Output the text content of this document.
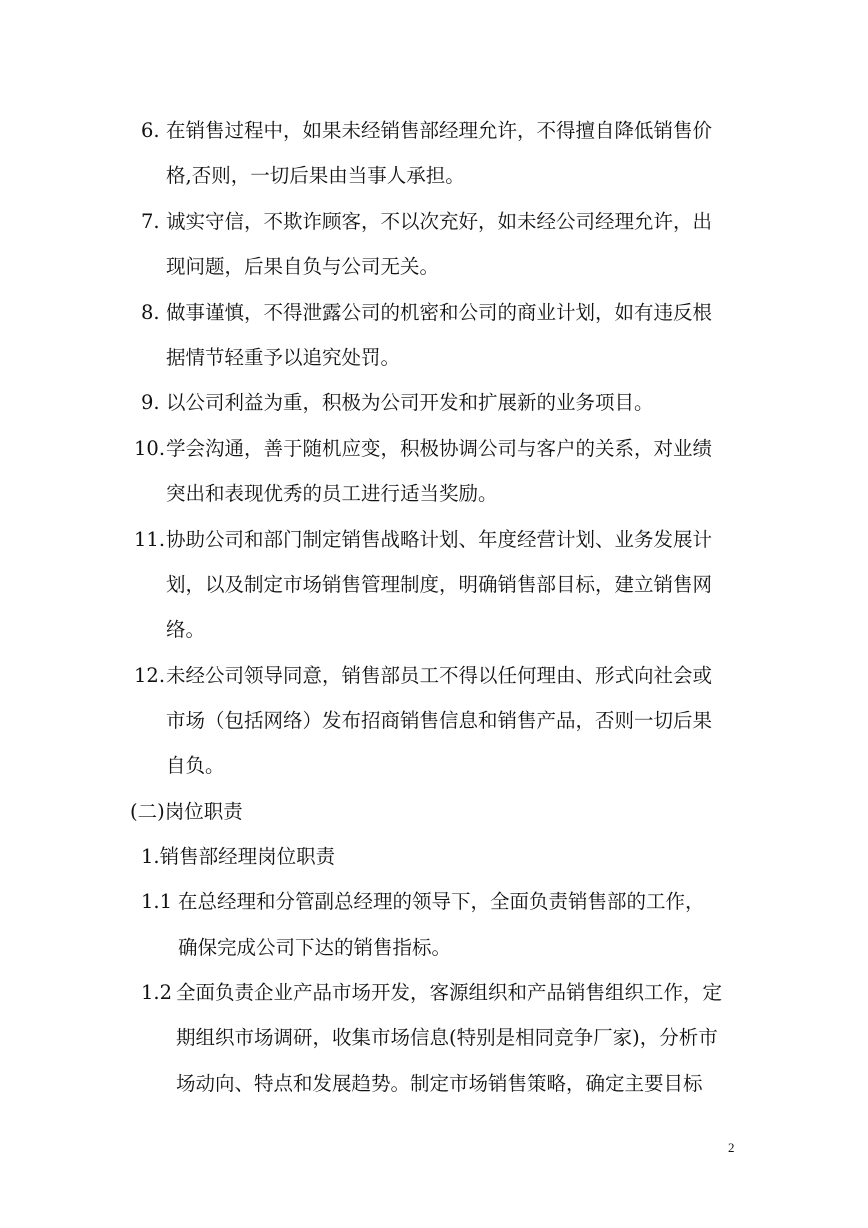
6. 在销售过程中，如果未经销售部经理允许，不得擅自降低销售价
格,否则，一切后果由当事人承担。
7. 诚实守信，不欺诈顾客，不以次充好，如未经公司经理允许，出
现问题，后果自负与公司无关。
8. 做事谨慎，不得泄露公司的机密和公司的商业计划，如有违反根
据情节轻重予以追究处罚。
9. 以公司利益为重，积极为公司开发和扩展新的业务项目。
10. 学会沟通，善于随机应变，积极协调公司与客户的关系，对业绩
突出和表现优秀的员工进行适当奖励。
11. 协助公司和部门制定销售战略计划、年度经营计划、业务发展计
划，以及制定市场销售管理制度，明确销售部目标，建立销售网
络。
12. 未经公司领导同意，销售部员工不得以任何理由、形式向社会或
市场（包括网络）发布招商销售信息和销售产品，否则一切后果
自负。
(二)岗位职责
1.销售部经理岗位职责
1.1 在总经理和分管副总经理的领导下，全面负责销售部的工作，
确保完成公司下达的销售指标。
1.2 全面负责企业产品市场开发，客源组织和产品销售组织工作，定
期组织市场调研，收集市场信息(特别是相同竞争厂家)，分析市
场动向、特点和发展趋势。制定市场销售策略，确定主要目标
2
